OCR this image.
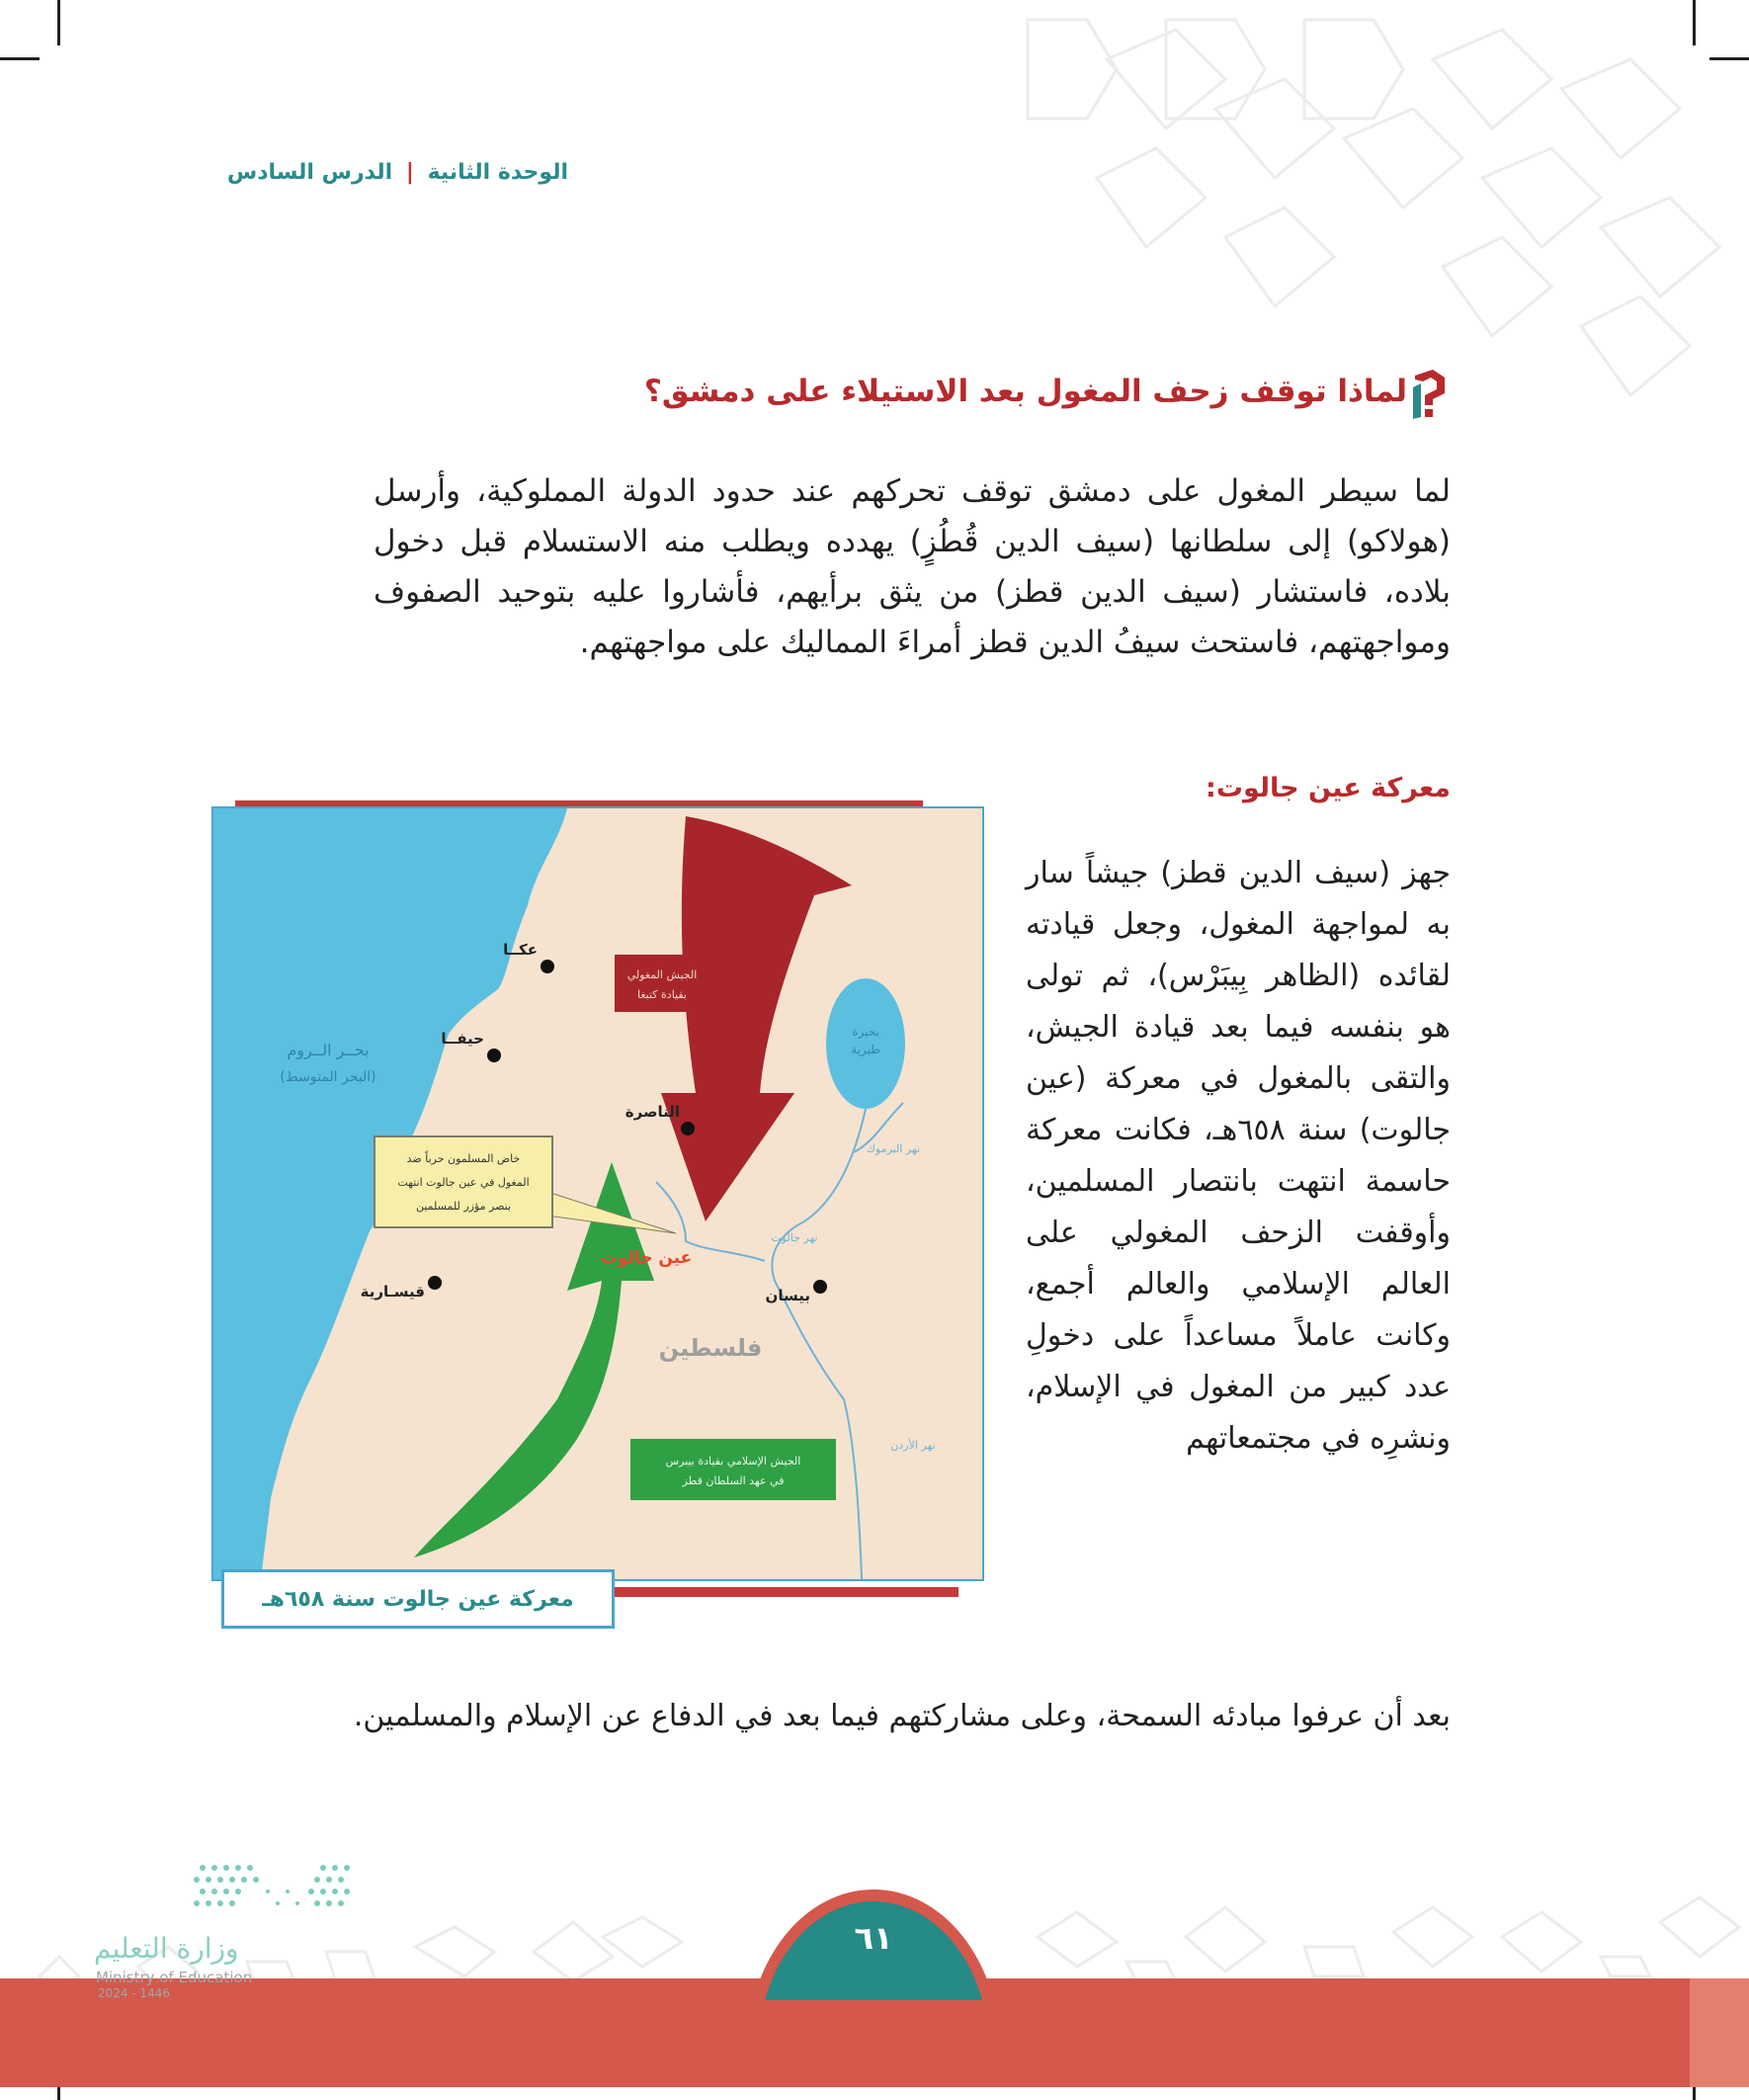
الوحدة الثانية | الدرس السادس
لماذا توقف زحف المغول بعد الاستيلاء على دمشق؟
لما سيطر المغول على دمشق توقف تحركهم عند حدود الدولة المملوكية، وأرسل (هولاكو) إلى سلطانها (سيف الدين قُطُزٍ) يهدده ويطلب منه الاستسلام قبل دخول بلاده، فاستشار (سيف الدين قطز) من يثق برأيهم، فأشاروا عليه بتوحيد الصفوف ومواجهتهم، فاستحث سيفُ الدين قطز أمراءَ المماليك على مواجهتهم.
معركة عين جالوت:
جهز (سيف الدين قطز) جيشاً سار به لمواجهة المغول، وجعل قيادته لقائده (الظاهر بِيبَرْس)، ثم تولى هو بنفسه فيما بعد قيادة الجيش، والتقى بالمغول في معركة (عين جالوت) سنة ٦٥٨هـ، فكانت معركة حاسمة انتهت بانتصار المسلمين، وأوقفت الزحف المغولي على العالم الإسلامي والعالم أجمع، وكانت عاملاً مساعداً على دخولِ عدد كبير من المغول في الإسلام، ونشرِه في مجتمعاتهم
بعد أن عرفوا مبادئه السمحة، وعلى مشاركتهم فيما بعد في الدفاع عن الإسلام والمسلمين.
عكــا
حيفــا
الناصرة
قيسـارية	بيسان
بحــر الــروم
(البحر المتوسط)
بحيرة
طبرية
عين جالوت
فلسطين
نهر اليرموك
نهر جالوت
نهر الأردن
الجيش المغولي
بقيادة كتبغا
الجيش الإسلامي بقيادة بيبرس
في عهد السلطان قطز
خاض المسلمون حرباً ضد
المغول في عين جالوت انتهت
بنصر مؤزر للمسلمين
معركة عين جالوت سنة ٦٥٨هـ
٦١
وزارة التعليم
Ministry of Education
2024 - 1446
